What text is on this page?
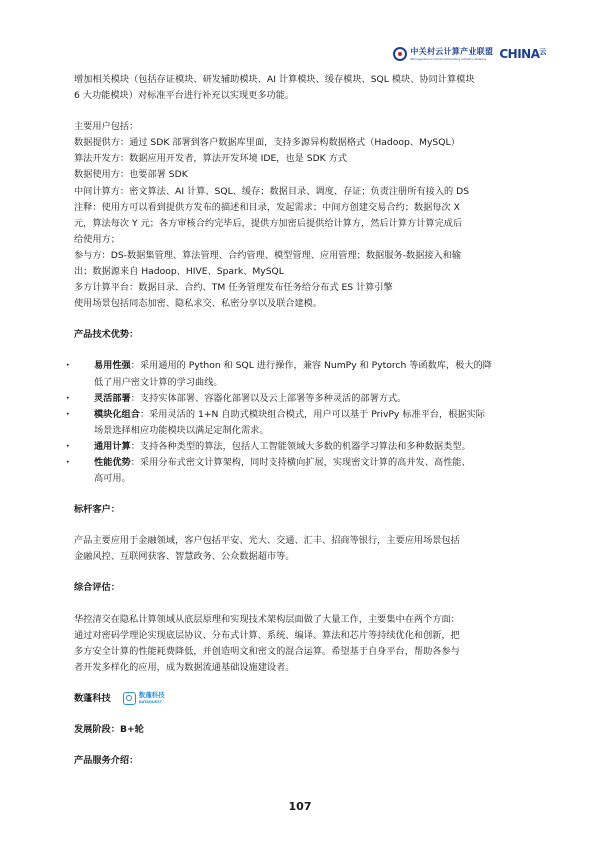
中关村云计算产业联盟
Zhongguancun Cloud Computing Industry Alliance	$CHINA^云$

增加相关模块（包括存证模块、研发辅助模块、AI 计算模块、缓存模块、SQL 模块、协同计算模块

6 大功能模块）对标准平台进行补充以实现更多功能。

主要用户包括：

数据提供方：通过 SDK 部署到客户数据库里面，支持多源异构数据格式（Hadoop、MySQL）

算法开发方：数据应用开发者，算法开发环境 IDE，也是 SDK 方式

数据使用方：也要部署 SDK

中间计算方：密文算法、AI 计算、SQL、缓存；数据目录、调度、存证；负责注册所有接入的 DS

注释：使用方可以看到提供方发布的描述和目录，发起需求；中间方创建交易合约；数据每次 X

元，算法每次 Y 元；各方审核合约完毕后，提供方加密后提供给计算方，然后计算方计算完成后

给使用方；

参与方：DS-数据集管理、算法管理、合约管理、模型管理、应用管理；数据服务-数据接入和输

出；数据源来自 Hadoop、HIVE、Spark、MySQL

多方计算平台：数据目录、合约、TM 任务管理发布任务给分布式 ES 计算引擎

使用场景包括同态加密、隐私求交、私密分享以及联合建模。

产品技术优势：

· 易用性强：采用通用的 Python 和 SQL 进行操作，兼容 NumPy 和 Pytorch 等函数库，极大的降
低了用户密文计算的学习曲线。
· 灵活部署：支持实体部署、容器化部署以及云上部署等多种灵活的部署方式。
· 模块化组合：采用灵活的 1+N 自助式模块组合模式，用户可以基于 PrivPy 标准平台，根据实际
场景选择相应功能模块以满足定制化需求。
· 通用计算：支持各种类型的算法，包括人工智能领域大多数的机器学习算法和多种数据类型。
· 性能优势：采用分布式密文计算架构，同时支持横向扩展，实现密文计算的高并发、高性能、
高可用。

标杆客户：

产品主要应用于金融领域，客户包括平安、光大、交通、汇丰、招商等银行，主要应用场景包括

金融风控、互联网获客、智慧政务、公众数据超市等。

综合评估：

华控清交在隐私计算领域从底层原理和实现技术架构层面做了大量工作，主要集中在两个方面：

通过对密码学理论实现底层协议、分布式计算、系统、编译、算法和芯片等持续优化和创新，把

多方安全计算的性能耗费降低，并创造明文和密文的混合运算。希望基于自身平台，帮助各参与

者开发多样化的应用，成为数据流通基础设施建设者。

数蓬科技	数蓬科技
DATAQUEST

发展阶段：B+轮

产品服务介绍：

107
